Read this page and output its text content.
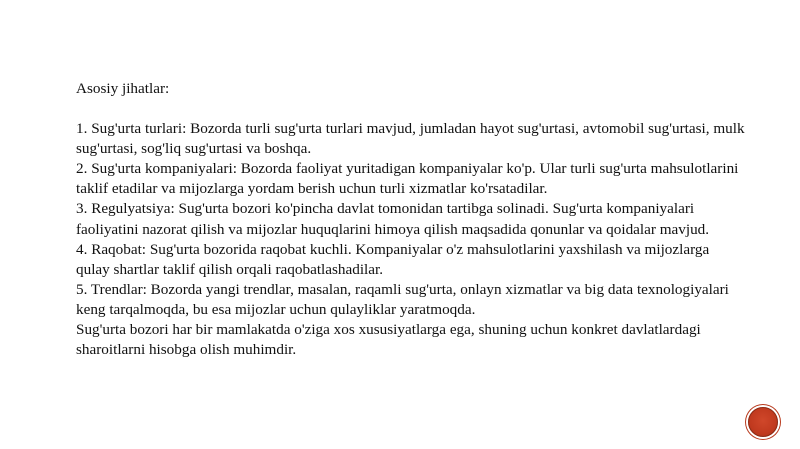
Asosiy jihatlar:

1. Sug'urta turlari: Bozorda turli sug'urta turlari mavjud, jumladan hayot sug'urtasi, avtomobil sug'urtasi, mulk sug'urtasi, sog'liq sug'urtasi va boshqa.

2. Sug'urta kompaniyalari: Bozorda faoliyat yuritadigan kompaniyalar ko'p. Ular turli sug'urta mahsulotlarini taklif etadilar va mijozlarga yordam berish uchun turli xizmatlar ko'rsatadilar.

3. Regulyatsiya: Sug'urta bozori ko'pincha davlat tomonidan tartibga solinadi. Sug'urta kompaniyalari faoliyatini nazorat qilish va mijozlar huquqlarini himoya qilish maqsadida qonunlar va qoidalar mavjud.

4. Raqobat: Sug'urta bozorida raqobat kuchli. Kompaniyalar o'z mahsulotlarini yaxshilash va mijozlarga qulay shartlar taklif qilish orqali raqobatlashadilar.

5. Trendlar: Bozorda yangi trendlar, masalan, raqamli sug'urta, onlayn xizmatlar va big data texnologiyalari keng tarqalmoqda, bu esa mijozlar uchun qulayliklar yaratmoqda.

Sug'urta bozori har bir mamlakatda o'ziga xos xususiyatlarga ega, shuning uchun konkret davlatlardagi sharoitlarni hisobga olish muhimdir.
